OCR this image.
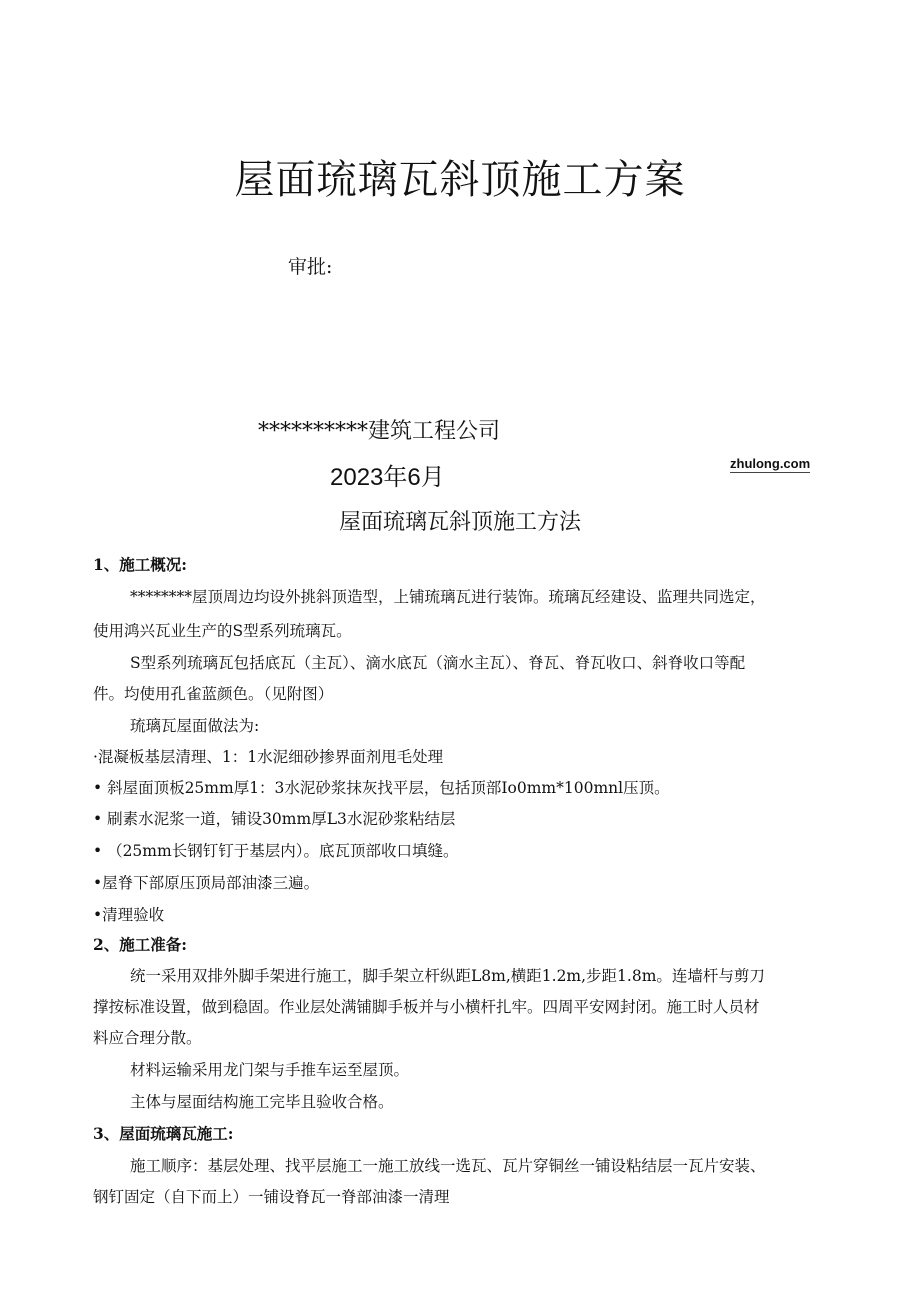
屋面琉璃瓦斜顶施工方案
审批:
**********建筑工程公司
2023年6月
zhulong.com
屋面琉璃瓦斜顶施工方法
1、施工概况:
********屋顶周边均设外挑斜顶造型，上铺琉璃瓦进行装饰。琉璃瓦经建设、监理共同选定，
使用鸿兴瓦业生产的S型系列琉璃瓦。
S型系列琉璃瓦包括底瓦（主瓦）、滴水底瓦（滴水主瓦）、脊瓦、脊瓦收口、斜脊收口等配
件。均使用孔雀蓝颜色。（见附图）
琉璃瓦屋面做法为:
·混凝板基层清理、1：1水泥细砂掺界面剂甩毛处理
• 斜屋面顶板25mm厚1：3水泥砂浆抹灰找平层，包括顶部Io0mm*100mnl压顶。
• 刷素水泥浆一道，铺设30mm厚L3水泥砂浆粘结层
• （25mm长钢钉钉于基层内）。底瓦顶部收口填缝。
•屋脊下部原压顶局部油漆三遍。
•清理验收
2、施工准备:
统一采用双排外脚手架进行施工，脚手架立杆纵距L8m,横距1.2m,步距1.8m。连墙杆与剪刀
撑按标准设置，做到稳固。作业层处满铺脚手板并与小横杆扎牢。四周平安网封闭。施工时人员材
料应合理分散。
材料运输采用龙门架与手推车运至屋顶。
主体与屋面结构施工完毕且验收合格。
3、屋面琉璃瓦施工:
施工顺序：基层处理、找平层施工一施工放线一选瓦、瓦片穿铜丝一铺设粘结层一瓦片安装、
钢钉固定（自下而上）一铺设脊瓦一脊部油漆一清理
